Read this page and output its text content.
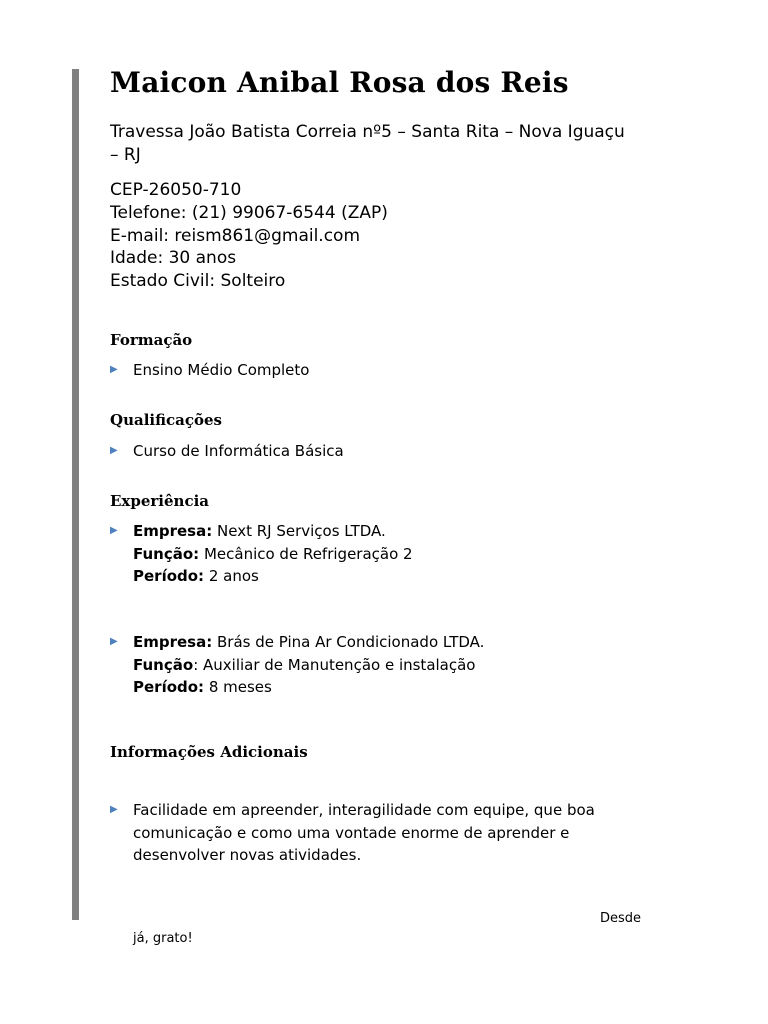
Maicon Anibal Rosa dos Reis

Travessa João Batista Correia nº5 – Santa Rita – Nova Iguaçu – RJ

CEP-26050-710
Telefone: (21) 99067-6544 (ZAP)
E-mail: reism861@gmail.com
Idade: 30 anos
Estado Civil: Solteiro
Formação
▶ Ensino Médio Completo
Qualificações
▶ Curso de Informática Básica
Experiência
▶ Empresa: Next RJ Serviços LTDA.
Função: Mecânico de Refrigeração 2
Período: 2 anos
▶ Empresa: Brás de Pina Ar Condicionado LTDA.
Função: Auxiliar de Manutenção e instalação
Período: 8 meses
Informações Adicionais
▶ Facilidade em apreender, interagilidade com equipe, que boa
comunicação e como uma vontade enorme de aprender e
desenvolver novas atividades.
Desde
já, grato!
